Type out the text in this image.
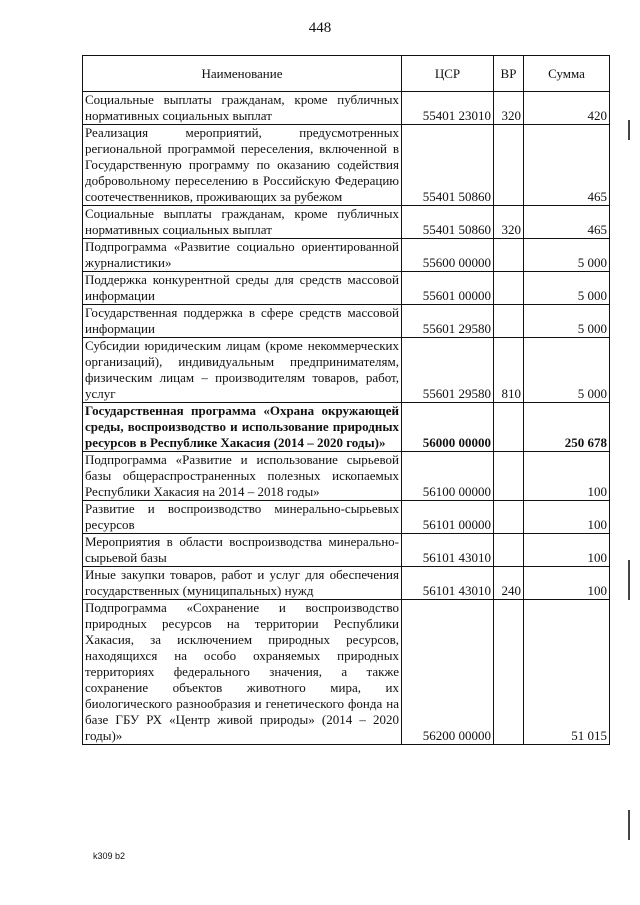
448
Наименование	ЦСР	ВР	Сумма
Социальные выплаты гражданам, кроме публичных нормативных социальных выплат	55401 23010	320	420
Реализация мероприятий, предусмотренных региональной программой переселения, включенной в Государственную программу по оказанию содействия добровольному переселению в Российскую Федерацию соотечественников, проживающих за рубежом	55401 50860		465
Социальные выплаты гражданам, кроме публичных нормативных социальных выплат	55401 50860	320	465
Подпрограмма «Развитие социально ориентированной журналистики»	55600 00000		5 000
Поддержка конкурентной среды для средств массовой информации	55601 00000		5 000
Государственная поддержка в сфере средств массовой информации	55601 29580		5 000
Субсидии юридическим лицам (кроме некоммерческих организаций), индивидуальным предпринимателям, физическим лицам – производителям товаров, работ, услуг	55601 29580	810	5 000
Государственная программа «Охрана окружающей среды, воспроизводство и использование природных ресурсов в Республике Хакасия (2014 – 2020 годы)»	56000 00000		250 678
Подпрограмма «Развитие и использование сырьевой базы общераспространенных полезных ископаемых Республики Хакасия на 2014 – 2018 годы»	56100 00000		100
Развитие и воспроизводство минерально-сырьевых ресурсов	56101 00000		100
Мероприятия в области воспроизводства минерально-сырьевой базы	56101 43010		100
Иные закупки товаров, работ и услуг для обеспечения государственных (муниципальных) нужд	56101 43010	240	100
Подпрограмма «Сохранение и воспроизводство природных ресурсов на территории Республики Хакасия, за исключением природных ресурсов, находящихся на особо охраняемых природных территориях федерального значения, а также сохранение объектов животного мира, их биологического разнообразия и генетического фонда на базе ГБУ РХ «Центр живой природы» (2014 – 2020 годы)»	56200 00000		51 015
k309 b2
